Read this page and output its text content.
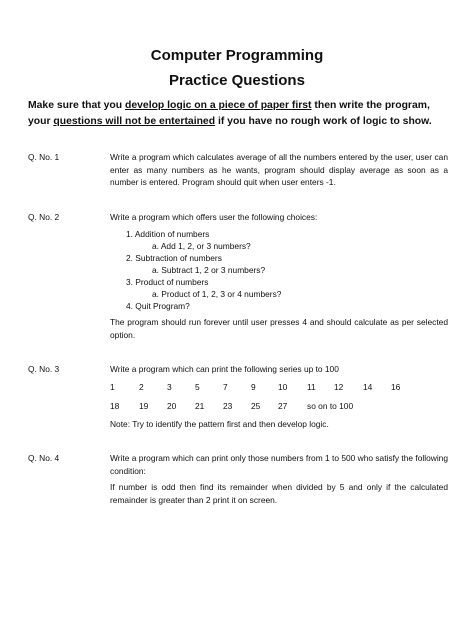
Computer Programming
Practice Questions
Make sure that you develop logic on a piece of paper first then write the program, your questions will not be entertained if you have no rough work of logic to show.
Q. No. 1	Write a program which calculates average of all the numbers entered by the user, user can enter as many numbers as he wants, program should display average as soon as a number is entered. Program should quit when user enters -1.
Q. No. 2	Write a program which offers user the following choices:
1. Addition of numbers
a. Add 1, 2, or 3 numbers?
2. Subtraction of numbers
a. Subtract 1, 2 or 3 numbers?
3. Product of numbers
a. Product of 1, 2, 3 or 4 numbers?
4. Quit Program?
The program should run forever until user presses 4 and should calculate as per selected option.
Q. No. 3	Write a program which can print the following series up to 100
1	2	3	5	7	9	10 11 12 14 16
18 19 20 21 23 25 27 so on to 100
Note: Try to identify the pattern first and then develop logic.
Q. No. 4	Write a program which can print only those numbers from 1 to 500 who satisfy the following condition:
If number is odd then find its remainder when divided by 5 and only if the calculated remainder is greater than 2 print it on screen.
